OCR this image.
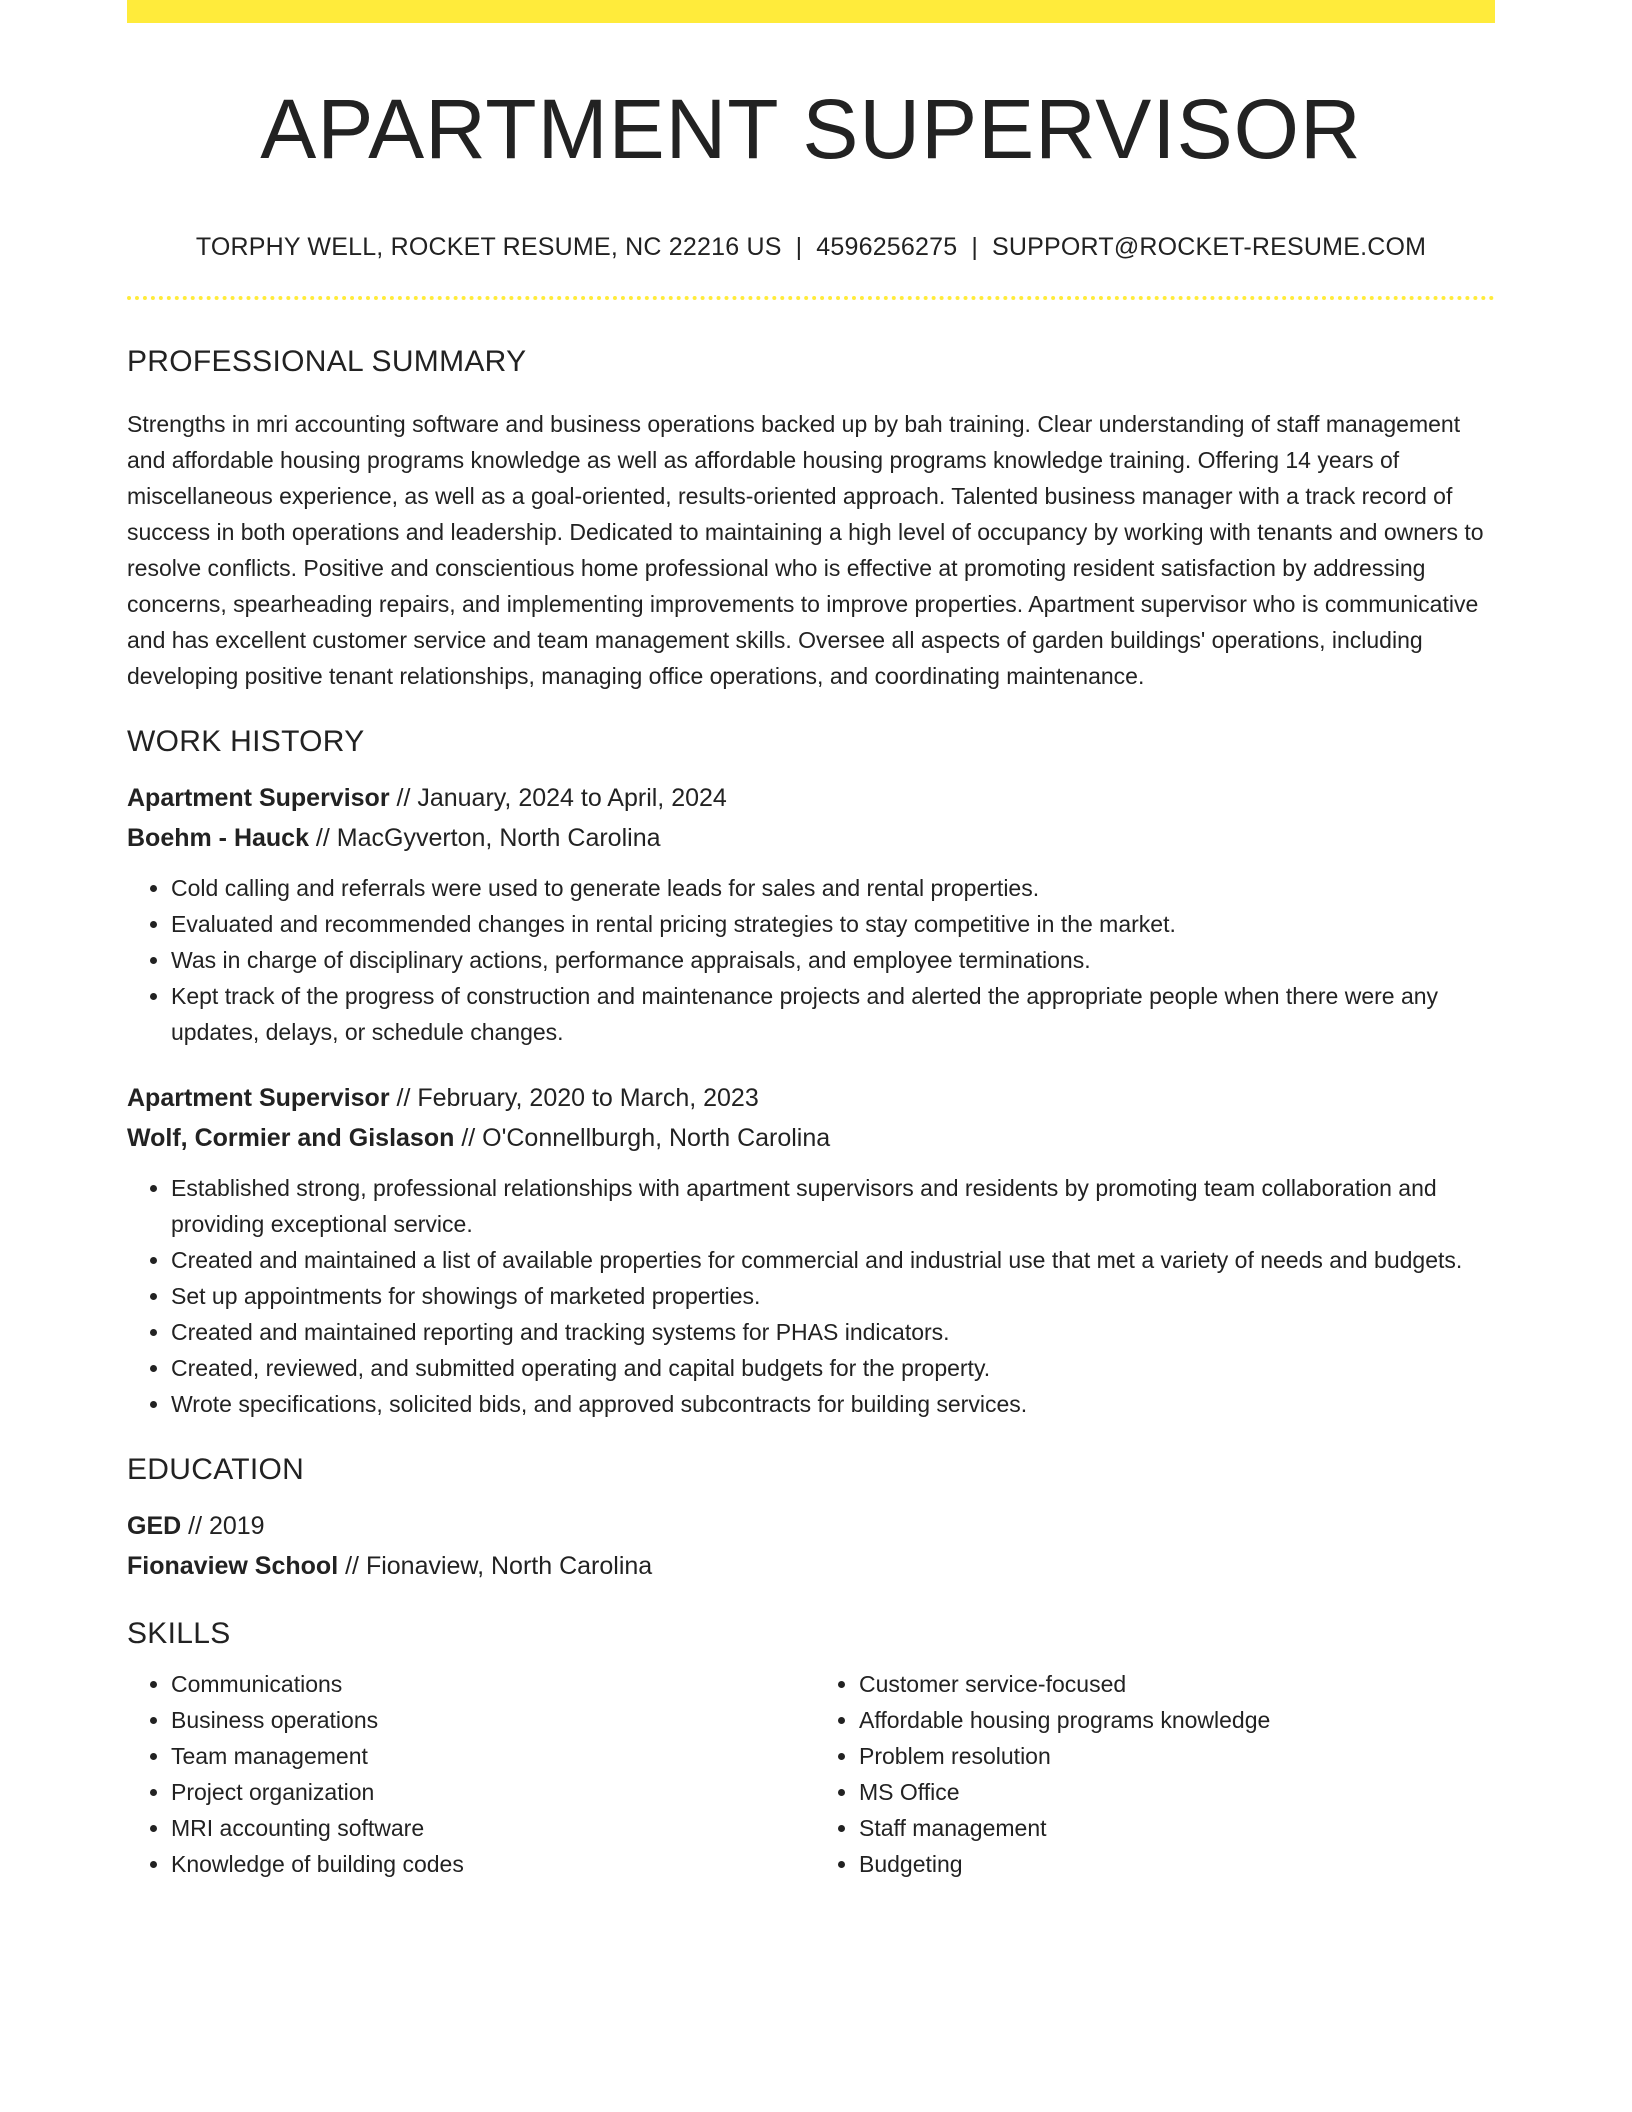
APARTMENT SUPERVISOR
TORPHY WELL, ROCKET RESUME, NC 22216 US | 4596256275 | SUPPORT@ROCKET-RESUME.COM
PROFESSIONAL SUMMARY

Strengths in mri accounting software and business operations backed up by bah training. Clear understanding of staff management and affordable housing programs knowledge as well as affordable housing programs knowledge training. Offering 14 years of miscellaneous experience, as well as a goal-oriented, results-oriented approach. Talented business manager with a track record of success in both operations and leadership. Dedicated to maintaining a high level of occupancy by working with tenants and owners to resolve conflicts. Positive and conscientious home professional who is effective at promoting resident satisfaction by addressing concerns, spearheading repairs, and implementing improvements to improve properties. Apartment supervisor who is communicative and has excellent customer service and team management skills. Oversee all aspects of garden buildings' operations, including developing positive tenant relationships, managing office operations, and coordinating maintenance.

WORK HISTORY
Apartment Supervisor // January, 2024 to April, 2024
Boehm - Hauck // MacGyverton, North Carolina
• Cold calling and referrals were used to generate leads for sales and rental properties.
• Evaluated and recommended changes in rental pricing strategies to stay competitive in the market.
• Was in charge of disciplinary actions, performance appraisals, and employee terminations.
• Kept track of the progress of construction and maintenance projects and alerted the appropriate people when there were any updates, delays, or schedule changes.
Apartment Supervisor // February, 2020 to March, 2023
Wolf, Cormier and Gislason // O'Connellburgh, North Carolina
• Established strong, professional relationships with apartment supervisors and residents by promoting team collaboration and providing exceptional service.
• Created and maintained a list of available properties for commercial and industrial use that met a variety of needs and budgets.
• Set up appointments for showings of marketed properties.
• Created and maintained reporting and tracking systems for PHAS indicators.
• Created, reviewed, and submitted operating and capital budgets for the property.
• Wrote specifications, solicited bids, and approved subcontracts for building services.
EDUCATION
GED // 2019
Fionaview School // Fionaview, North Carolina
SKILLS
• Communications
• Business operations
• Team management
• Project organization
• MRI accounting software
• Knowledge of building codes
• Customer service-focused
• Affordable housing programs knowledge
• Problem resolution
• MS Office
• Staff management
• Budgeting
